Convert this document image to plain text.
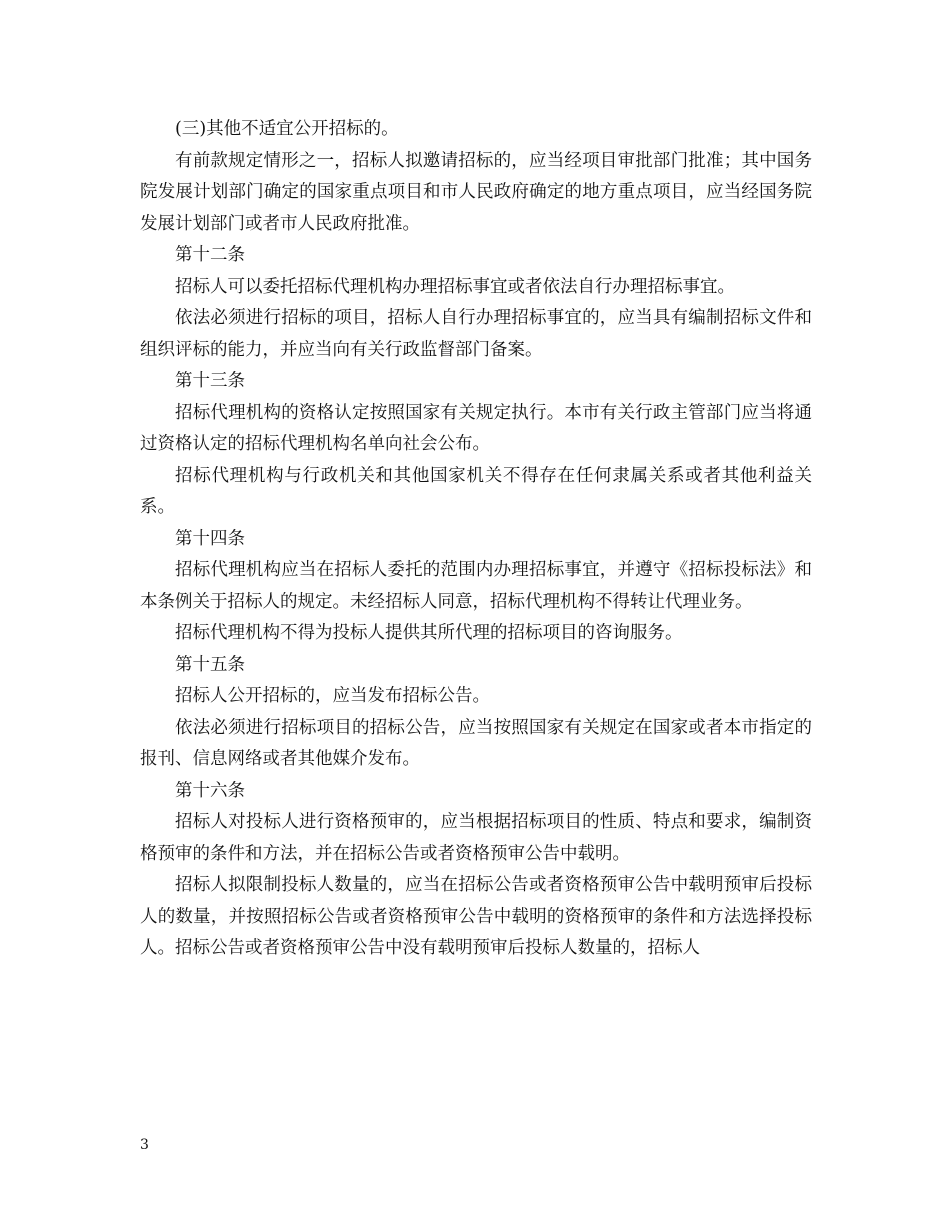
(三)其他不适宜公开招标的。

有前款规定情形之一，招标人拟邀请招标的，应当经项目审批部门批准；其中国务院发展计划部门确定的国家重点项目和市人民政府确定的地方重点项目，应当经国务院发展计划部门或者市人民政府批准。

第十二条

招标人可以委托招标代理机构办理招标事宜或者依法自行办理招标事宜。

依法必须进行招标的项目，招标人自行办理招标事宜的，应当具有编制招标文件和组织评标的能力，并应当向有关行政监督部门备案。

第十三条

招标代理机构的资格认定按照国家有关规定执行。本市有关行政主管部门应当将通过资格认定的招标代理机构名单向社会公布。

招标代理机构与行政机关和其他国家机关不得存在任何隶属关系或者其他利益关系。

第十四条

招标代理机构应当在招标人委托的范围内办理招标事宜，并遵守《招标投标法》和本条例关于招标人的规定。未经招标人同意，招标代理机构不得转让代理业务。

招标代理机构不得为投标人提供其所代理的招标项目的咨询服务。

第十五条

招标人公开招标的，应当发布招标公告。

依法必须进行招标项目的招标公告，应当按照国家有关规定在国家或者本市指定的报刊、信息网络或者其他媒介发布。

第十六条

招标人对投标人进行资格预审的，应当根据招标项目的性质、特点和要求，编制资格预审的条件和方法，并在招标公告或者资格预审公告中载明。

招标人拟限制投标人数量的，应当在招标公告或者资格预审公告中载明预审后投标人的数量，并按照招标公告或者资格预审公告中载明的资格预审的条件和方法选择投标人。招标公告或者资格预审公告中没有载明预审后投标人数量的，招标人

3
